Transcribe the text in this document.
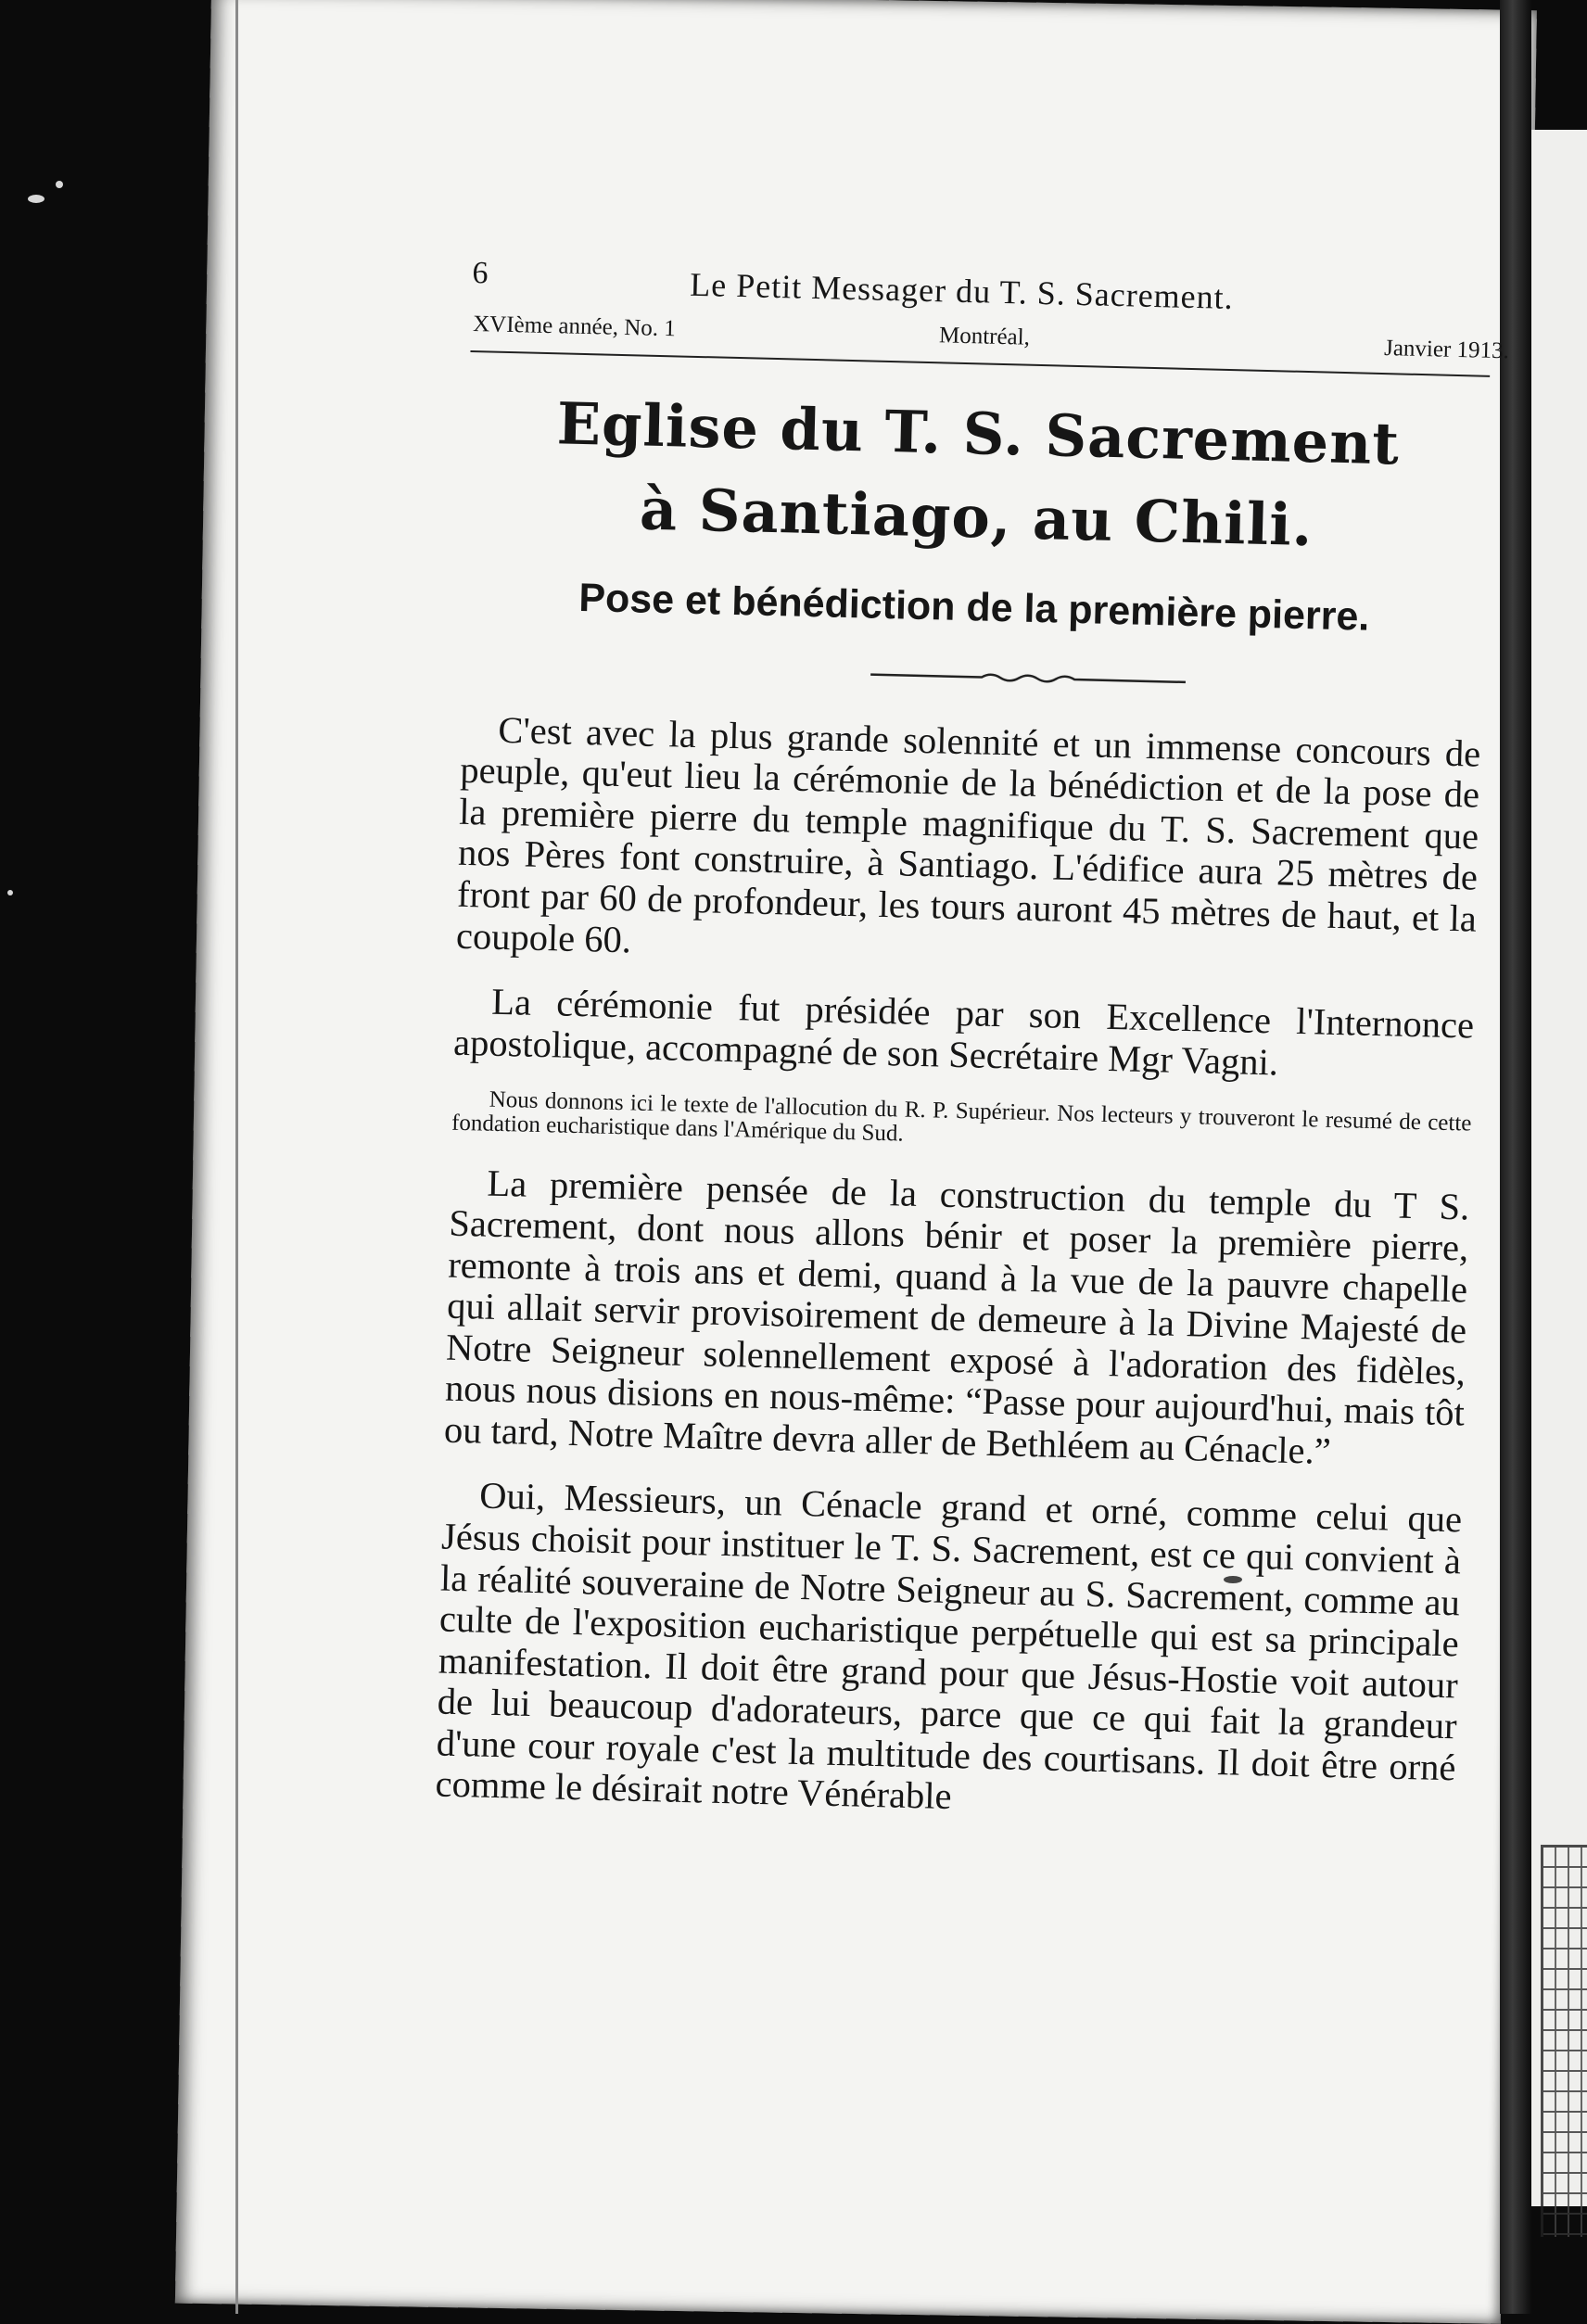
6	Le Petit Messager du T. S. Sacrement.
XVIème année, No. 1	Montréal,	Janvier 1913.
Eglise du T. S. Sacrement
à Santiago, au Chili.
Pose et bénédiction de la première pierre.

C'est avec la plus grande solennité et un immense concours de peuple, qu'eut lieu la cérémonie de la bénédiction et de la pose de la première pierre du temple magnifique du T. S. Sacrement que nos Pères font construire, à Santiago. L'édifice aura 25 mètres de front par 60 de profondeur, les tours auront 45 mètres de haut, et la coupole 60.

La cérémonie fut présidée par son Excellence l'Internonce apostolique, accompagné de son Secrétaire Mgr Vagni.

Nous donnons ici le texte de l'allocution du R. P. Supérieur. Nos lecteurs y trouveront le resumé de cette fondation eucharistique dans l'Amérique du Sud.

La première pensée de la construction du temple du T S. Sacrement, dont nous allons bénir et poser la première pierre, remonte à trois ans et demi, quand à la vue de la pauvre chapelle qui allait servir provisoirement de demeure à la Divine Majesté de Notre Seigneur solennellement exposé à l'adoration des fidèles, nous nous disions en nous-même: “Passe pour aujourd'hui, mais tôt ou tard, Notre Maître devra aller de Bethléem au Cénacle.”

Oui, Messieurs, un Cénacle grand et orné, comme celui que Jésus choisit pour instituer le T. S. Sacrement, est ce qui convient à la réalité souveraine de Notre Seigneur au S. Sacrement, comme au culte de l'exposition eucharistique perpétuelle qui est sa principale manifestation. Il doit être grand pour que Jésus-Hostie voit autour de lui beaucoup d'adorateurs, parce que ce qui fait la grandeur d'une cour royale c'est la multitude des courtisans. Il doit être orné comme le désirait notre Vénérable
